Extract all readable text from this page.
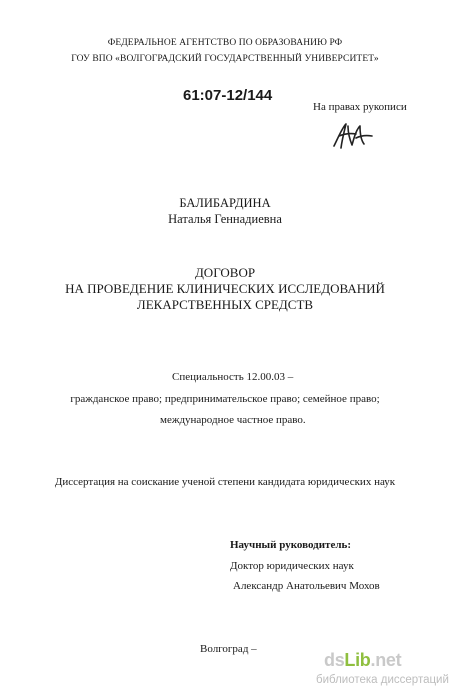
ФЕДЕРАЛЬНОЕ АГЕНТСТВО ПО ОБРАЗОВАНИЮ РФ
ГОУ ВПО «ВОЛГОГРАДСКИЙ ГОСУДАРСТВЕННЫЙ УНИВЕРСИТЕТ»
61:07-12/144
На правах рукописи
БАЛИБАРДИНА
Наталья Геннадиевна
ДОГОВОР
НА ПРОВЕДЕНИЕ КЛИНИЧЕСКИХ ИССЛЕДОВАНИЙ
ЛЕКАРСТВЕННЫХ СРЕДСТВ
Специальность 12.00.03 –
гражданское право; предпринимательское право; семейное право;
международное частное право.
Диссертация на соискание ученой степени кандидата юридических наук
Научный руководитель:
Доктор юридических наук
Александр Анатольевич Мохов
Волгоград –
dsLib.net
библиотека диссертаций
